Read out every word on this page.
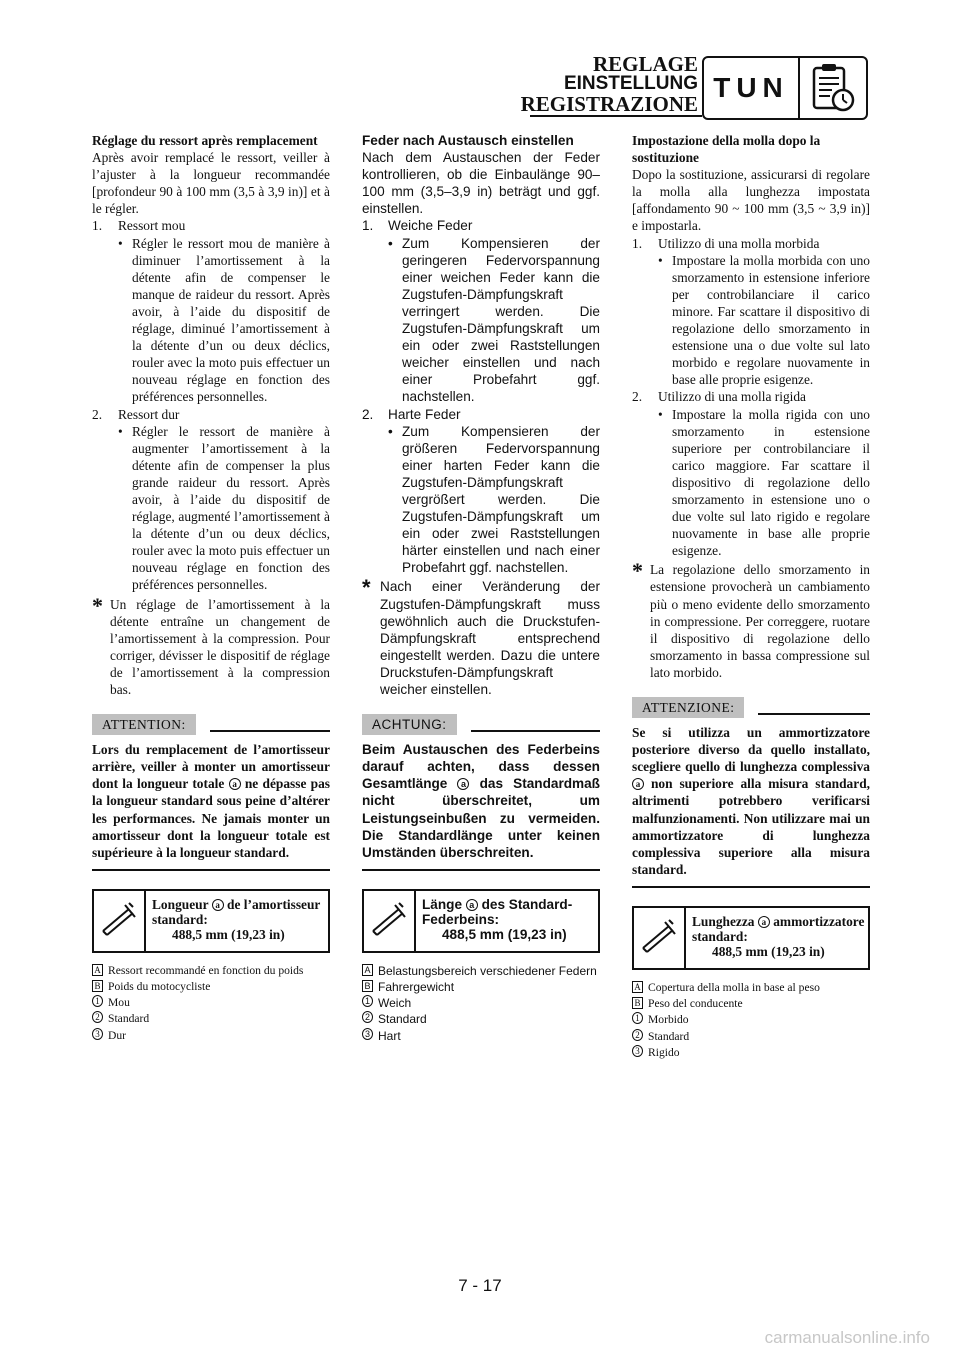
REGLAGE
EINSTELLUNG
REGISTRAZIONE
TUN
Réglage du ressort après remplacement

Après avoir remplacé le ressort, veiller à l’ajuster à la longueur recommandée [profondeur 90 à 100 mm (3,5 à 3,9 in)] et à le régler.

1.	Ressort mou
• Régler le ressort mou de manière à diminuer l’amortissement à la détente afin de compenser le manque de raideur du ressort. Après avoir, à l’aide du dispositif de réglage, diminué l’amortissement à la détente d’un ou deux déclics, rouler avec la moto puis effectuer un nouveau réglage en fonction des préférences personnelles.
2.	Ressort dur
• Régler le ressort de manière à augmenter l’amortissement à la détente afin de compenser la plus grande raideur du ressort. Après avoir, à l’aide du dispositif de réglage, augmenté l’amortissement à la détente d’un ou deux déclics, rouler avec la moto puis effectuer un nouveau réglage en fonction des préférences personnelles.
* Un réglage de l’amortissement à la détente entraîne un changement de l’amortissement à la compression. Pour corriger, dévisser le dispositif de réglage de l’amortissement à la compression bas.
ATTENTION:
Lors du remplacement de l’amortisseur arrière, veiller à monter un amortisseur dont la longueur totale a ne dépasse pas la longueur standard sous peine d’altérer les performances. Ne jamais monter un amortisseur dont la longueur totale est supérieure à la longueur standard.
Longueur a de l’amortisseur standard:
488,5 mm (19,23 in)
A Ressort recommandé en fonction du poids
B Poids du motocycliste
1 Mou
2 Standard
3 Dur
Feder nach Austausch einstellen

Nach dem Austauschen der Feder kontrollieren, ob die Einbaulänge 90–100 mm (3,5–3,9 in) beträgt und ggf. einstellen.

1.	Weiche Feder
• Zum Kompensieren der geringeren Federvorspannung einer weichen Feder kann die Zugstufen-Dämpfungskraft verringert werden. Die Zugstufen-Dämpfungskraft um ein oder zwei Raststellungen weicher einstellen und nach einer Probefahrt ggf. nachstellen.
2.	Harte Feder
• Zum Kompensieren der größeren Federvorspannung einer harten Feder kann die Zugstufen-Dämpfungskraft vergrößert werden. Die Zugstufen-Dämpfungskraft um ein oder zwei Raststellungen härter einstellen und nach einer Probefahrt ggf. nachstellen.
* Nach einer Veränderung der Zugstufen-Dämpfungskraft muss gewöhnlich auch die Druckstufen-Dämpfungskraft entsprechend eingestellt werden. Dazu die untere Druckstufen-Dämpfungskraft weicher einstellen.
ACHTUNG:
Beim Austauschen des Federbeins darauf achten, dass dessen Gesamtlänge a das Standardmaß nicht überschreitet, um Leistungseinbußen zu vermeiden. Die Standardlänge unter keinen Umständen überschreiten.
Länge a des Standard-Federbeins:
488,5 mm (19,23 in)
A Belastungsbereich verschiedener Federn
B Fahrergewicht
1 Weich
2 Standard
3 Hart
Impostazione della molla dopo la sostituzione

Dopo la sostituzione, assicurarsi di regolare la molla alla lunghezza impostata [affondamento 90 ~ 100 mm (3,5 ~ 3,9 in)] e impostarla.

1.	Utilizzo di una molla morbida
• Impostare la molla morbida con uno smorzamento in estensione inferiore per controbilanciare il carico minore. Far scattare il dispositivo di regolazione dello smorzamento in estensione una o due volte sul lato morbido e regolare nuovamente in base alle proprie esigenze.
2.	Utilizzo di una molla rigida
• Impostare la molla rigida con uno smorzamento in estensione superiore per controbilanciare il carico maggiore. Far scattare il dispositivo di regolazione dello smorzamento in estensione uno o due volte sul lato rigido e regolare nuovamente in base alle proprie esigenze.
* La regolazione dello smorzamento in estensione provocherà un cambiamento più o meno evidente dello smorzamento in compressione. Per correggere, ruotare il dispositivo di regolazione dello smorzamento in bassa compressione sul lato morbido.
ATTENZIONE:
Se si utilizza un ammortizzatore posteriore diverso da quello installato, scegliere quello di lunghezza complessiva a non superiore alla misura standard, altrimenti potrebbero verificarsi malfunzionamenti. Non utilizzare mai un ammortizzatore di lunghezza complessiva superiore alla misura standard.
Lunghezza a ammortizzatore standard:
488,5 mm (19,23 in)
A Copertura della molla in base al peso
B Peso del conducente
1 Morbido
2 Standard
3 Rigido
7 - 17
carmanualsonline.info
